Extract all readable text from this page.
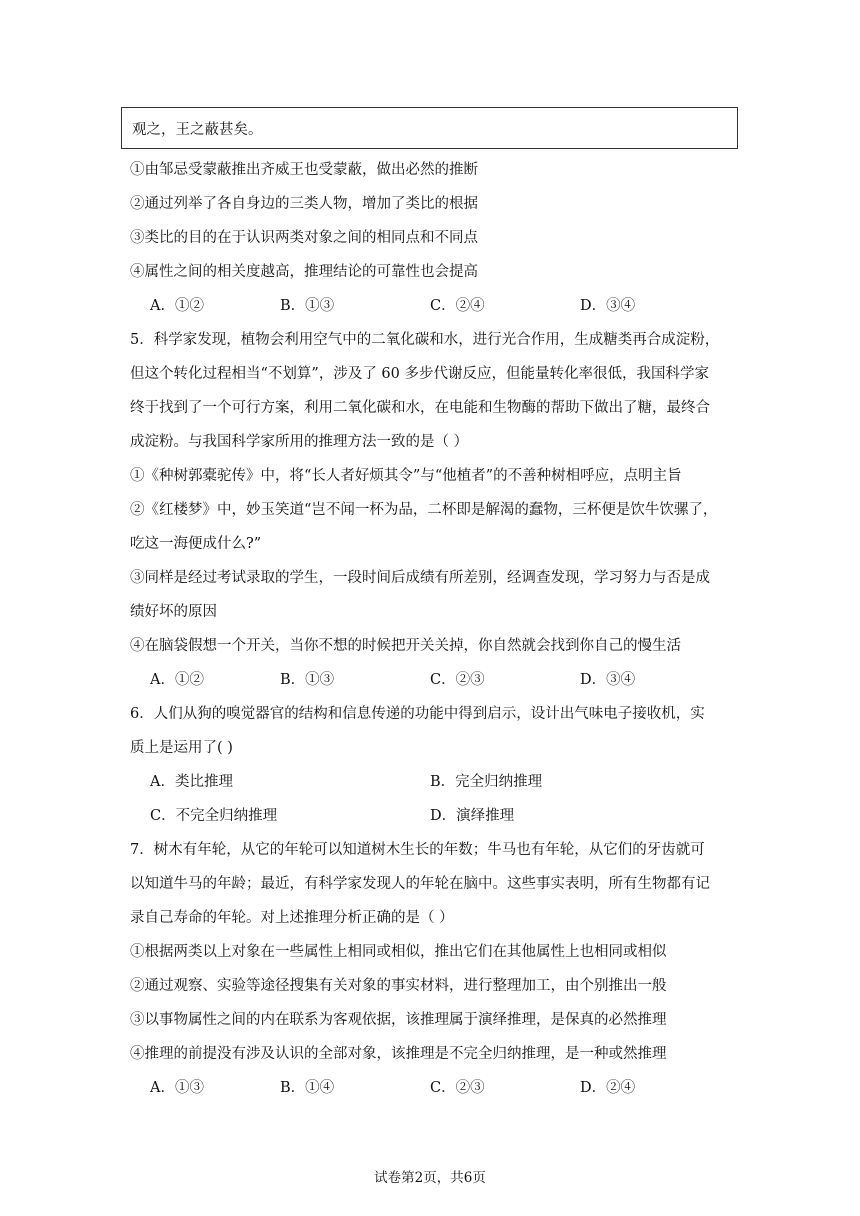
观之，王之蔽甚矣。
①由邹忌受蒙蔽推出齐威王也受蒙蔽，做出必然的推断
②通过列举了各自身边的三类人物，增加了类比的根据
③类比的目的在于认识两类对象之间的相同点和不同点
④属性之间的相关度越高，推理结论的可靠性也会提高
A．①②	B．①③	C．②④	D．③④
5．科学家发现，植物会利用空气中的二氧化碳和水，进行光合作用，生成糖类再合成淀粉，
但这个转化过程相当“不划算”，涉及了 60 多步代谢反应，但能量转化率很低，我国科学家
终于找到了一个可行方案，利用二氧化碳和水，在电能和生物酶的帮助下做出了糖，最终合
成淀粉。与我国科学家所用的推理方法一致的是（ ）
①《种树郭橐驼传》中，将“长人者好烦其令”与“他植者”的不善种树相呼应，点明主旨
②《红楼梦》中，妙玉笑道“岂不闻一杯为品，二杯即是解渴的蠢物，三杯便是饮牛饮骡了，
吃这一海便成什么?”
③同样是经过考试录取的学生，一段时间后成绩有所差别，经调查发现，学习努力与否是成
绩好坏的原因
④在脑袋假想一个开关，当你不想的时候把开关关掉，你自然就会找到你自己的慢生活
A．①②	B．①③	C．②③	D．③④
6．人们从狗的嗅觉器官的结构和信息传递的功能中得到启示，设计出气味电子接收机，实
质上是运用了( )
A．类比推理	B．完全归纳推理
C．不完全归纳推理	D．演绎推理
7．树木有年轮，从它的年轮可以知道树木生长的年数；牛马也有年轮，从它们的牙齿就可
以知道牛马的年龄；最近，有科学家发现人的年轮在脑中。这些事实表明，所有生物都有记
录自己寿命的年轮。对上述推理分析正确的是（ ）
①根据两类以上对象在一些属性上相同或相似，推出它们在其他属性上也相同或相似
②通过观察、实验等途径搜集有关对象的事实材料，进行整理加工，由个别推出一般
③以事物属性之间的内在联系为客观依据，该推理属于演绎推理，是保真的必然推理
④推理的前提没有涉及认识的全部对象，该推理是不完全归纳推理，是一种或然推理
A．①③	B．①④	C．②③	D．②④
试卷第2页，共6页
